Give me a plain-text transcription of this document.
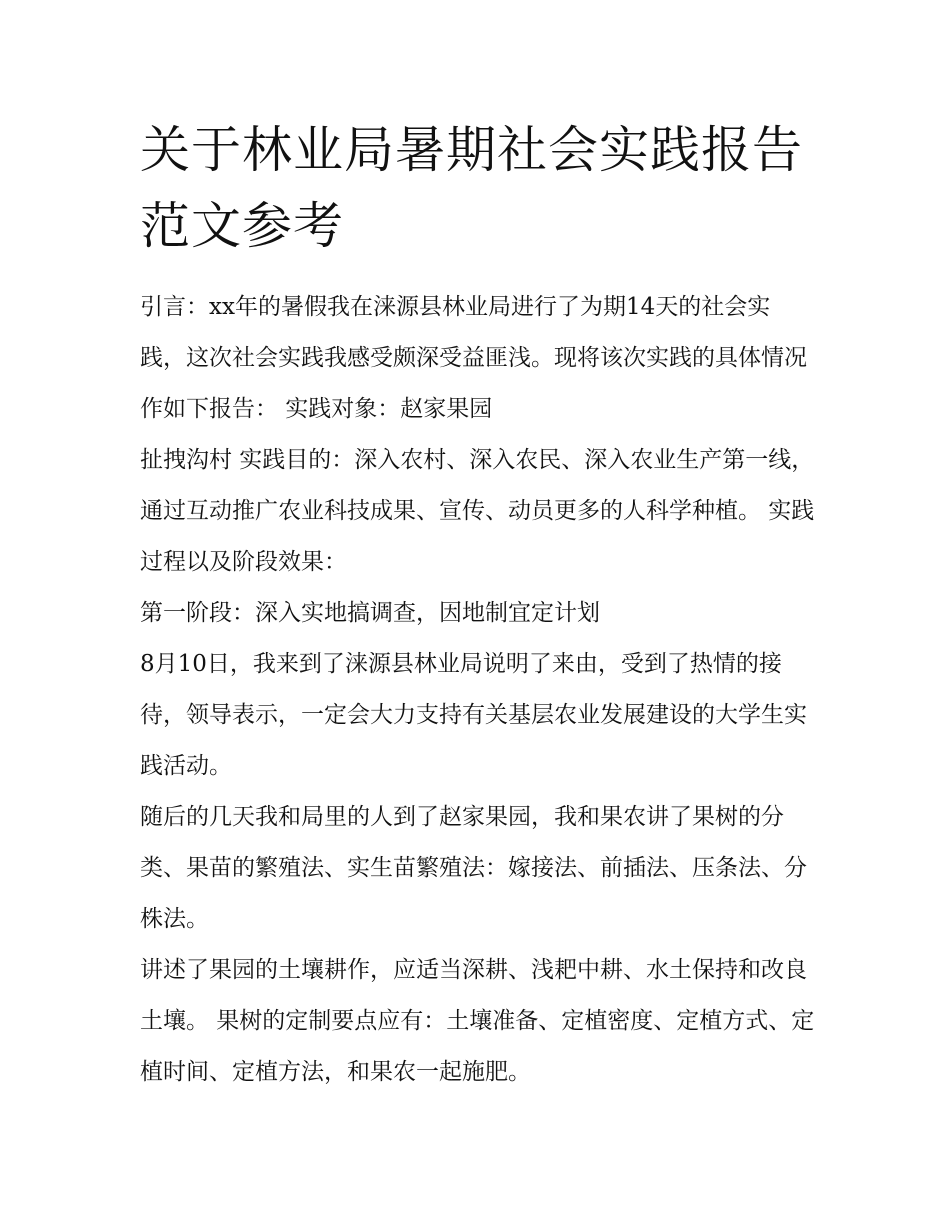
关于林业局暑期社会实践报告范文参考

引言：xx年的暑假我在涞源县林业局进行了为期14天的社会实践，这次社会实践我感受颇深受益匪浅。现将该次实践的具体情况作如下报告： 实践对象：赵家果园

扯拽沟村 实践目的：深入农村、深入农民、深入农业生产第一线，通过互动推广农业科技成果、宣传、动员更多的人科学种植。 实践过程以及阶段效果：

第一阶段：深入实地搞调查，因地制宜定计划

8月10日，我来到了涞源县林业局说明了来由，受到了热情的接待，领导表示，一定会大力支持有关基层农业发展建设的大学生实践活动。

随后的几天我和局里的人到了赵家果园，我和果农讲了果树的分类、果苗的繁殖法、实生苗繁殖法：嫁接法、前插法、压条法、分株法。

讲述了果园的土壤耕作，应适当深耕、浅耙中耕、水土保持和改良土壤。 果树的定制要点应有：土壤准备、定植密度、定植方式、定植时间、定植方法，和果农一起施肥。
